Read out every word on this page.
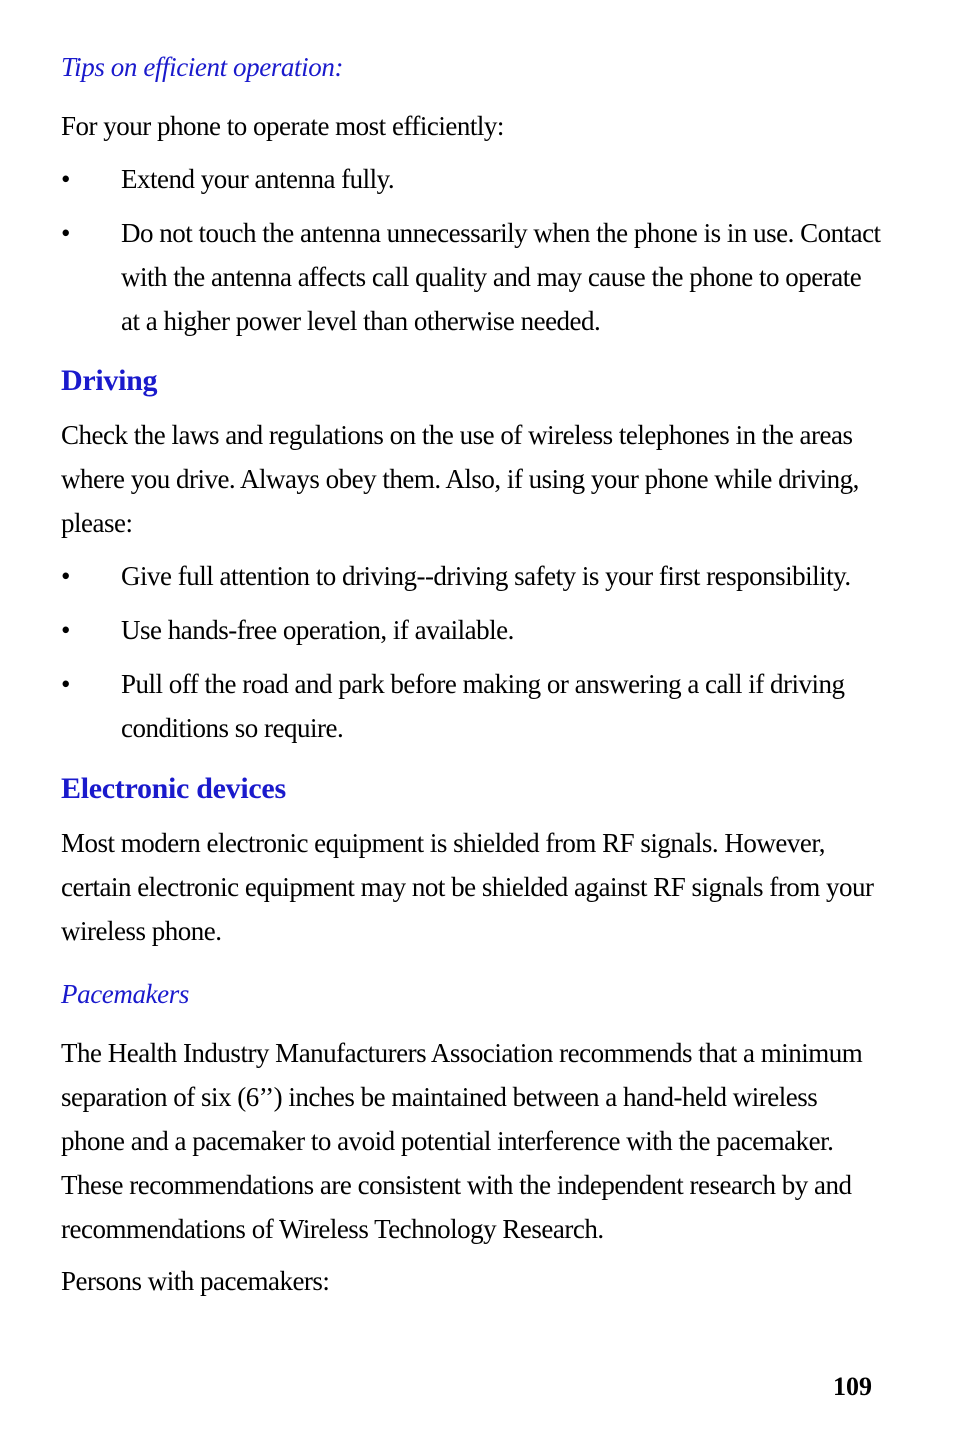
Tips on efficient operation:

For your phone to operate most efficiently:

• Extend your antenna fully.
• Do not touch the antenna unnecessarily when the phone is in use. Contact with the antenna affects call quality and may cause the phone to operate at a higher power level than otherwise needed.
Driving

Check the laws and regulations on the use of wireless telephones in the areas where you drive. Always obey them. Also, if using your phone while driving, please:

• Give full attention to driving--driving safety is your first responsibility.
• Use hands-free operation, if available.
• Pull off the road and park before making or answering a call if driving conditions so require.
Electronic devices

Most modern electronic equipment is shielded from RF signals. However, certain electronic equipment may not be shielded against RF signals from your wireless phone.

Pacemakers

The Health Industry Manufacturers Association recommends that a minimum separation of six (6’’) inches be maintained between a hand-held wireless phone and a pacemaker to avoid potential interference with the pacemaker. These recommendations are consistent with the independent research by and recommendations of Wireless Technology Research.

Persons with pacemakers:

109
